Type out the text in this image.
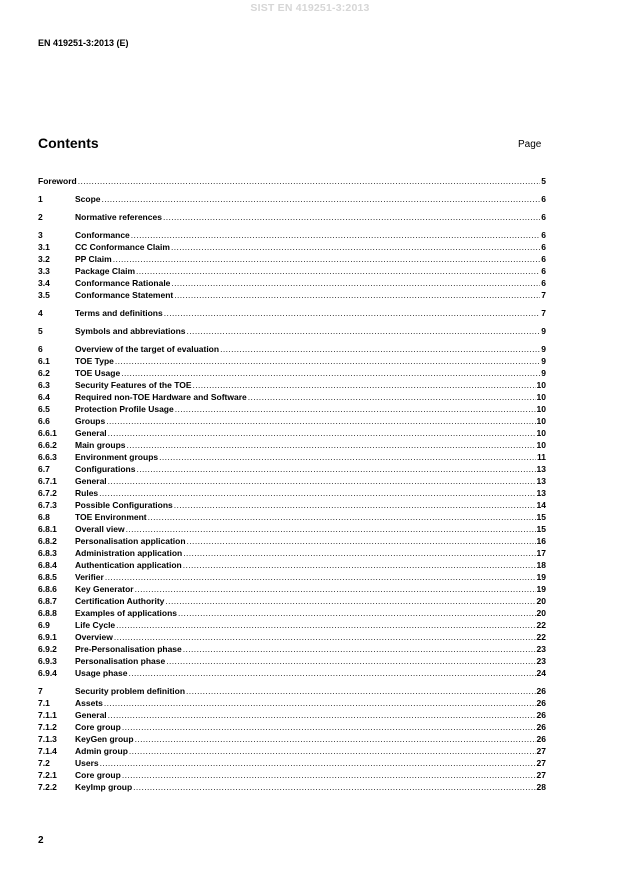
SIST EN 419251-3:2013
EN 419251-3:2013 (E)
Contents	Page
Foreword .....	5
1	Scope .....	6
2	Normative references .....	6
3	Conformance .....	6
3.1	CC Conformance Claim .....	6
3.2	PP Claim .....	6
3.3	Package Claim .....	6
3.4	Conformance Rationale .....	6
3.5	Conformance Statement .....	7
4	Terms and definitions .....	7
5	Symbols and abbreviations .....	9
6	Overview of the target of evaluation .....	9
6.1	TOE Type .....	9
6.2	TOE Usage .....	9
6.3	Security Features of the TOE .....	10
6.4	Required non-TOE Hardware and Software .....	10
6.5	Protection Profile Usage .....	10
6.6	Groups .....	10
6.6.1	General .....	10
6.6.2	Main groups .....	10
6.6.3	Environment groups .....	11
6.7	Configurations .....	13
6.7.1	General .....	13
6.7.2	Rules .....	13
6.7.3	Possible Configurations .....	14
6.8	TOE Environment .....	15
6.8.1	Overall view .....	15
6.8.2	Personalisation application .....	16
6.8.3	Administration application .....	17
6.8.4	Authentication application .....	18
6.8.5	Verifier .....	19
6.8.6	Key Generator .....	19
6.8.7	Certification Authority .....	20
6.8.8	Examples of applications .....	20
6.9	Life Cycle .....	22
6.9.1	Overview .....	22
6.9.2	Pre-Personalisation phase .....	23
6.9.3	Personalisation phase .....	23
6.9.4	Usage phase .....	24
7	Security problem definition .....	26
7.1	Assets .....	26
7.1.1	General .....	26
7.1.2	Core group .....	26
7.1.3	KeyGen group .....	26
7.1.4	Admin group .....	27
7.2	Users .....	27
7.2.1	Core group .....	27
7.2.2	KeyImp group .....	28
2
